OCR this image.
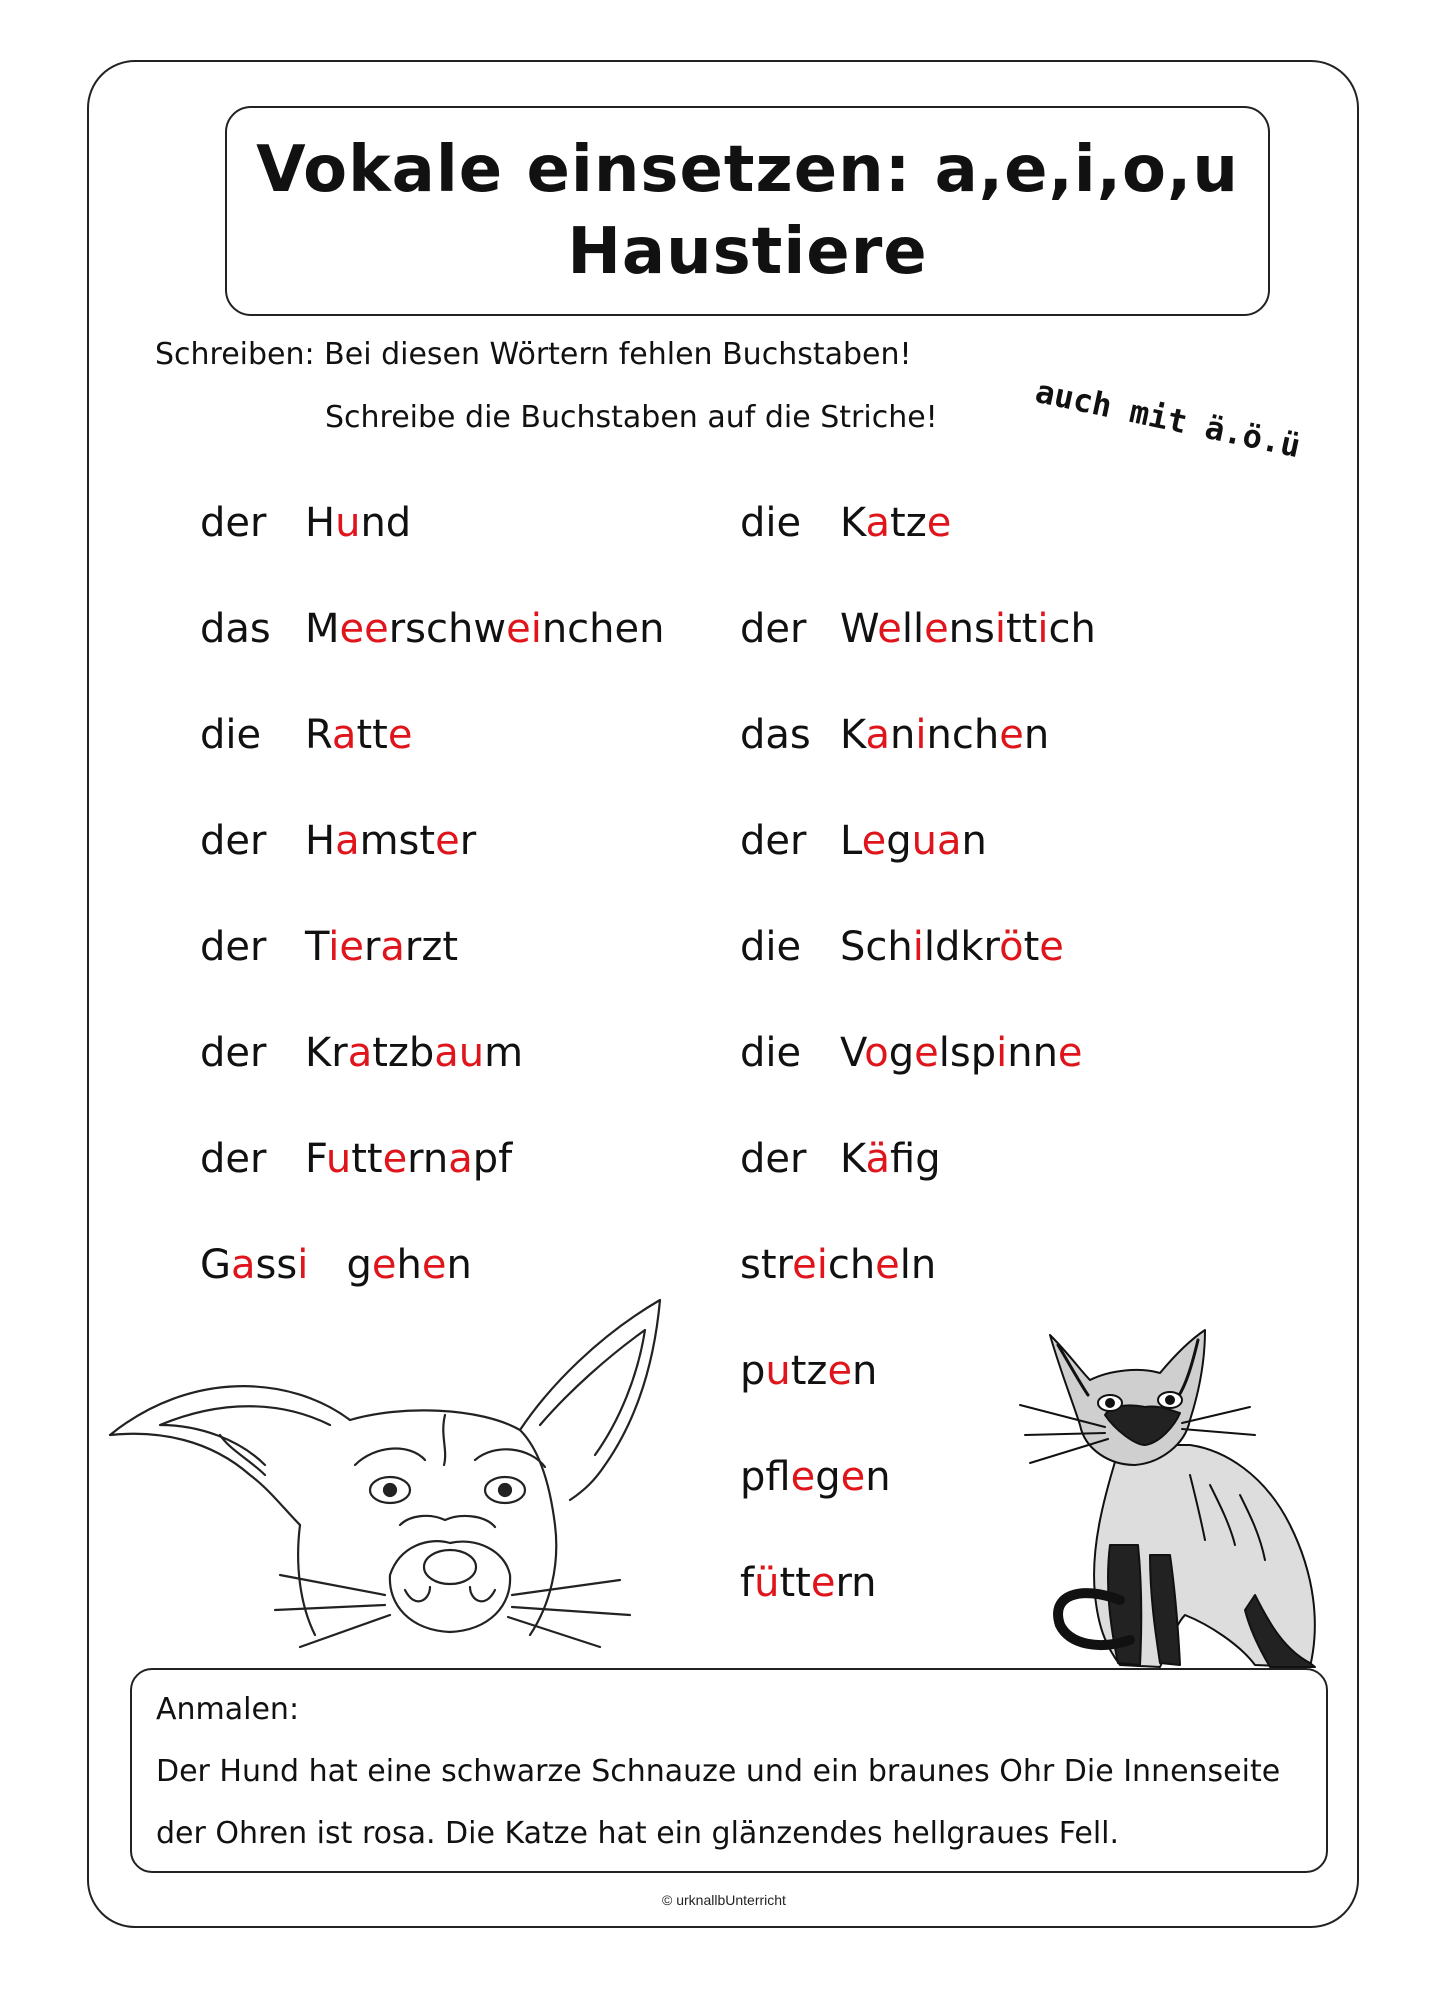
Vokale einsetzen: a,e,i,o,u
Haustiere
Schreiben: Bei diesen Wörtern fehlen Buchstaben!
Schreibe die Buchstaben auf die Striche!	auch mit ä.ö.ü
der Hund
das Meerschweinchen
die Ratte
der Hamster
der Tierarzt
der Kratzbaum
der Futternapf
Gassi   gehen
die Katze
der Wellensittich
das Kaninchen
der Leguan
die Schildkröte
die Vogelspinne
der Käfg
streicheln
putzen
pflegen
füttern
Anmalen:
Der Hund hat eine schwarze Schnauze und ein braunes Ohr Die Innenseite
der Ohren ist rosa. Die Katze hat ein glänzendes hellgraues Fell.
© urknallbUnterricht
